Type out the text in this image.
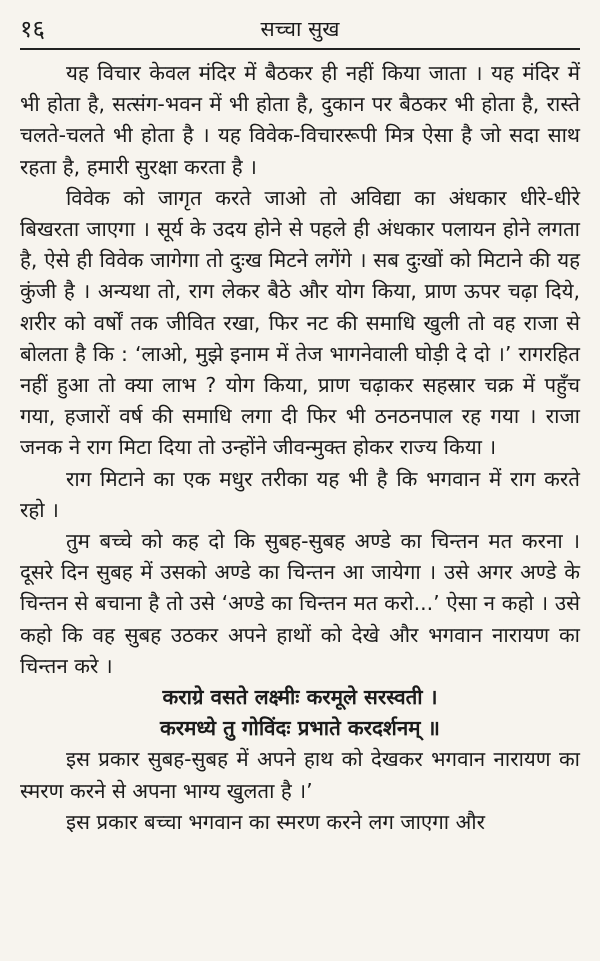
१६	सच्चा सुख

यह विचार केवल मंदिर में बैठकर ही नहीं किया जाता । यह मंदिर में भी होता है, सत्संग-भवन में भी होता है, दुकान पर बैठकर भी होता है, रास्ते चलते-चलते भी होता है । यह विवेक-विचाररूपी मित्र ऐसा है जो सदा साथ रहता है, हमारी सुरक्षा करता है ।

विवेक को जागृत करते जाओ तो अविद्या का अंधकार धीरे-धीरे बिखरता जाएगा । सूर्य के उदय होने से पहले ही अंधकार पलायन होने लगता है, ऐसे ही विवेक जागेगा तो दुःख मिटने लगेंगे । सब दुःखों को मिटाने की यह कुंजी है । अन्यथा तो, राग लेकर बैठे और योग किया, प्राण ऊपर चढ़ा दिये, शरीर को वर्षों तक जीवित रखा, फिर नट की समाधि खुली तो वह राजा से बोलता है कि : ‘लाओ, मुझे इनाम में तेज भागनेवाली घोड़ी दे दो ।’ रागरहित नहीं हुआ तो क्या लाभ ? योग किया, प्राण चढ़ाकर सहस्रार चक्र में पहुँच गया, हजारों वर्ष की समाधि लगा दी फिर भी ठनठनपाल रह गया । राजा जनक ने राग मिटा दिया तो उन्होंने जीवन्मुक्त होकर राज्य किया ।

राग मिटाने का एक मधुर तरीका यह भी है कि भगवान में राग करते रहो ।

तुम बच्चे को कह दो कि सुबह-सुबह अण्डे का चिन्तन मत करना । दूसरे दिन सुबह में उसको अण्डे का चिन्तन आ जायेगा । उसे अगर अण्डे के चिन्तन से बचाना है तो उसे ‘अण्डे का चिन्तन मत करो...’ ऐसा न कहो । उसे कहो कि वह सुबह उठकर अपने हाथों को देखे और भगवान नारायण का चिन्तन करे ।

कराग्रे वसते लक्ष्मीः करमूले सरस्वती ।

करमध्ये तु गोविंदः प्रभाते करदर्शनम् ॥

इस प्रकार सुबह-सुबह में अपने हाथ को देखकर भगवान नारायण का स्मरण करने से अपना भाग्य खुलता है ।’

इस प्रकार बच्चा भगवान का स्मरण करने लग जाएगा और
